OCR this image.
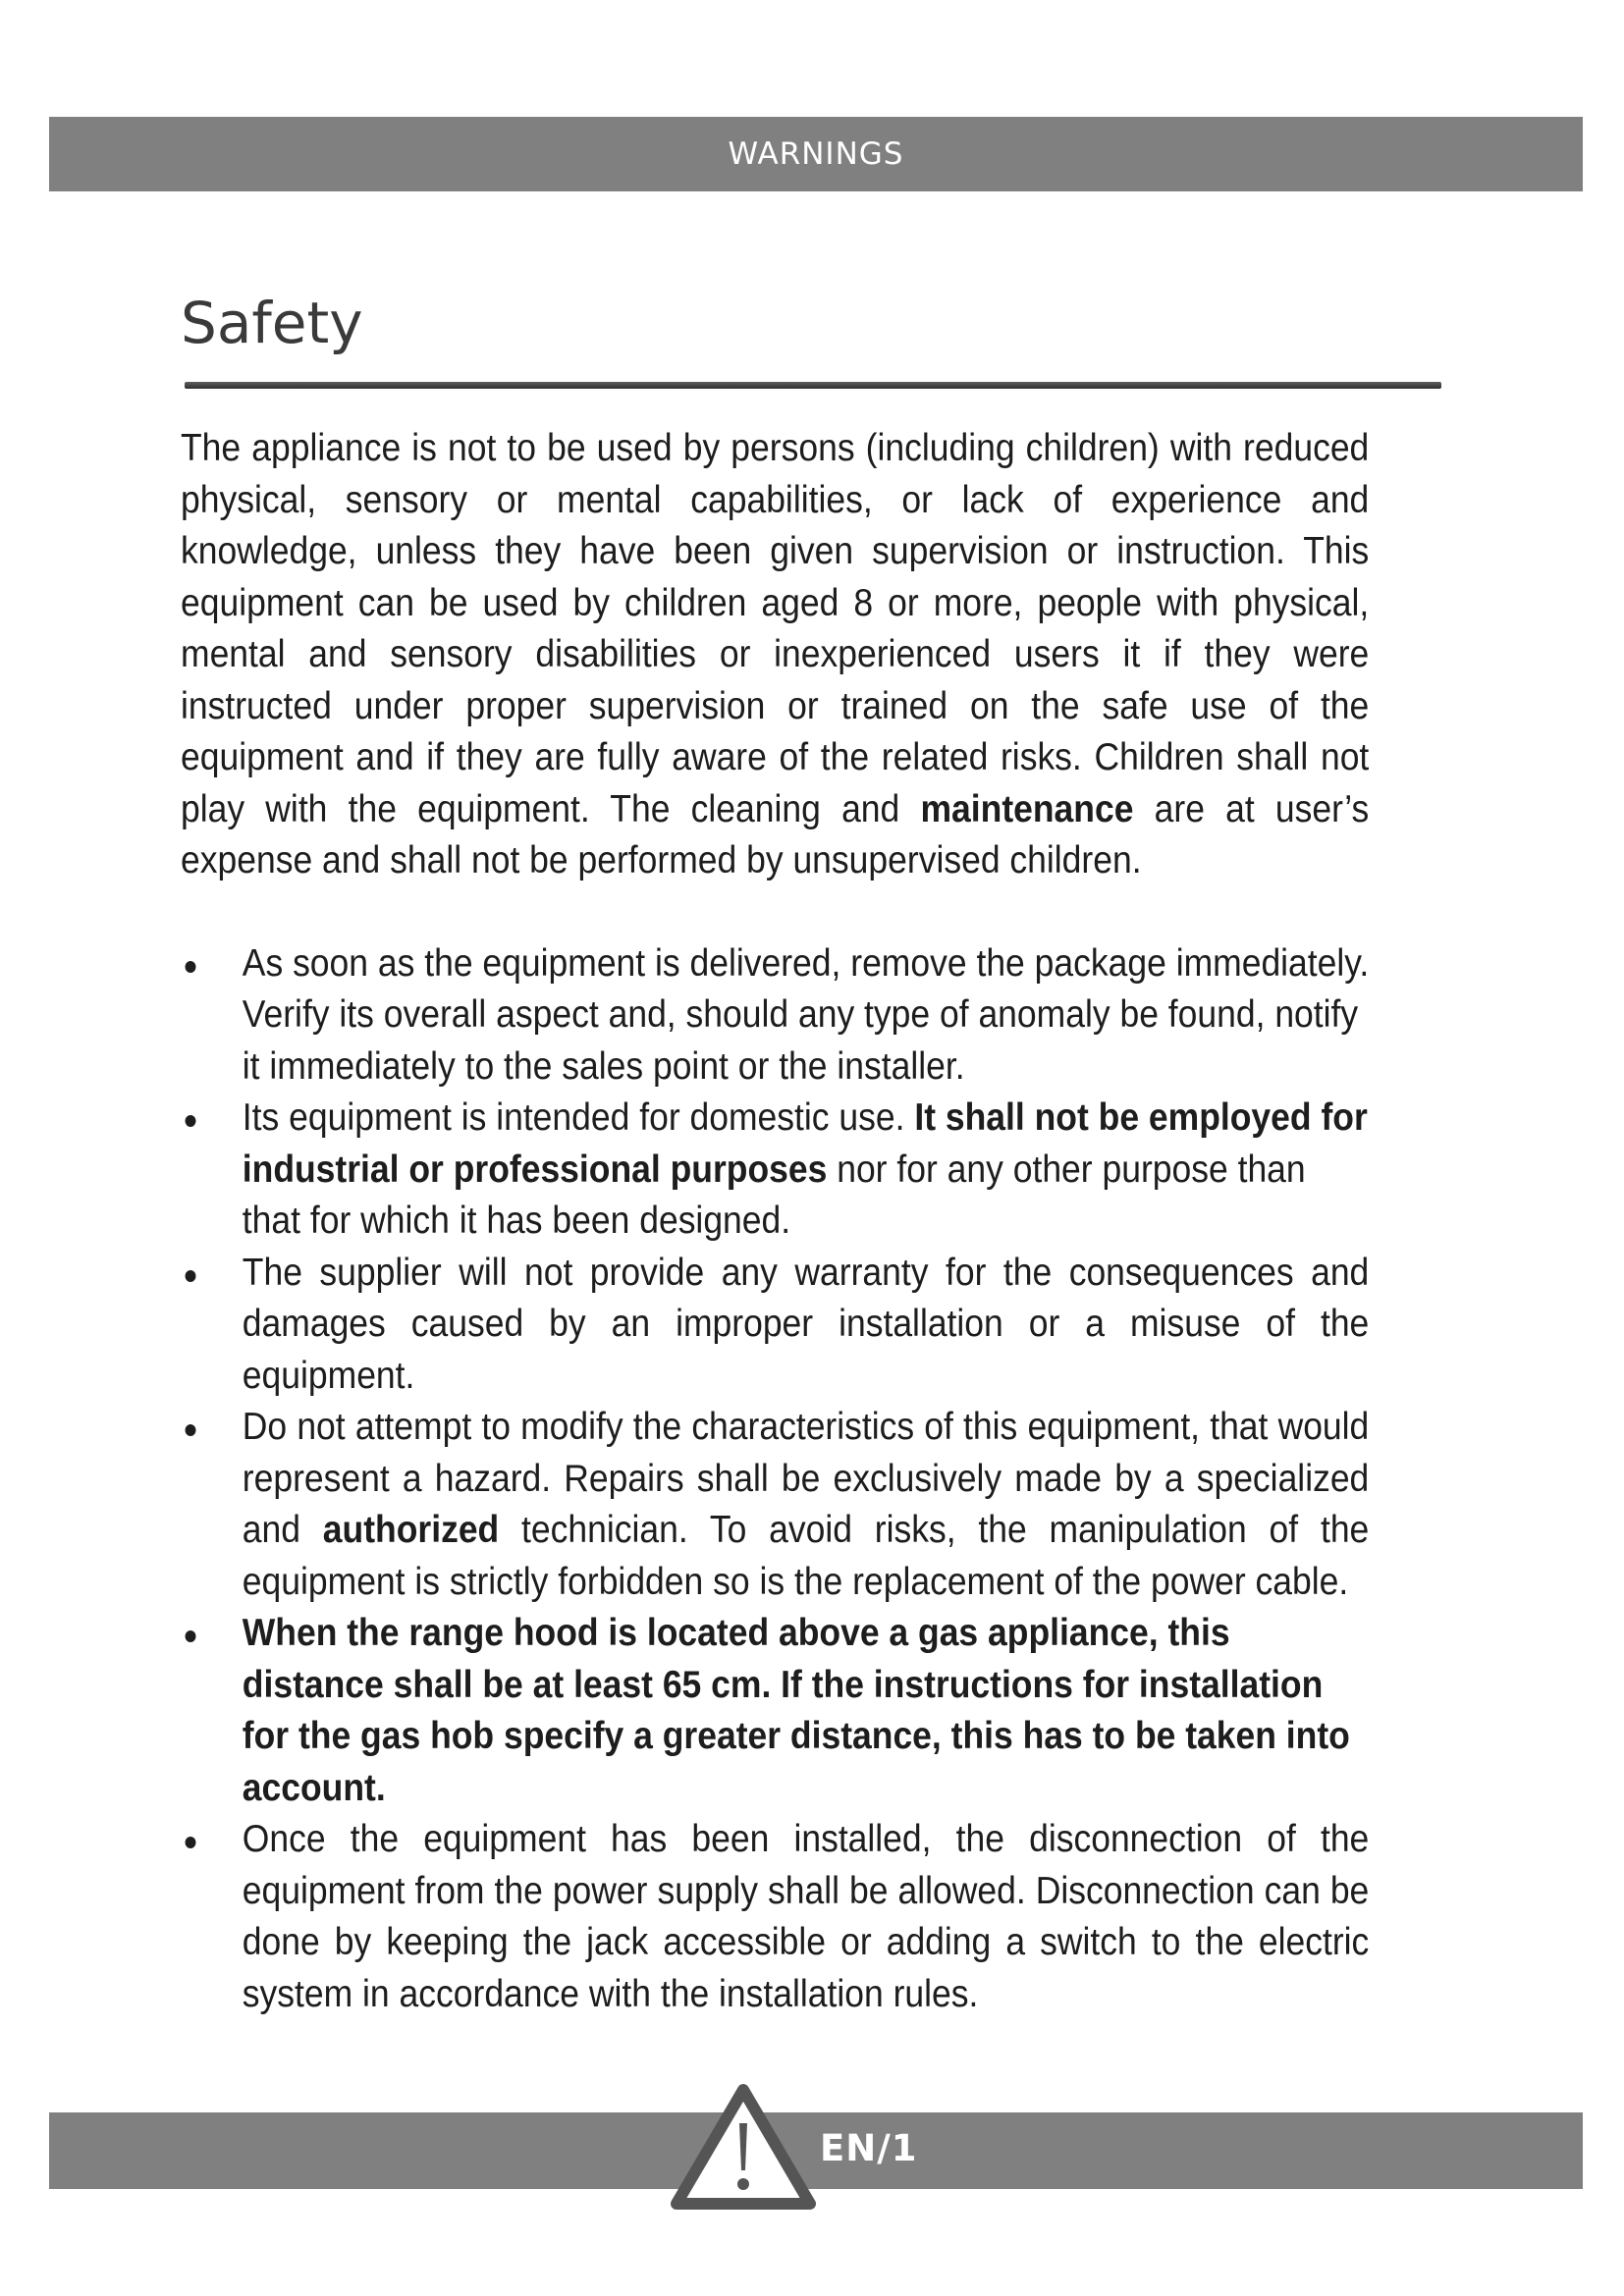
WARNINGS
Safety

The appliance is not to be used by persons (including children) with reduced physical, sensory or mental capabilities, or lack of experience and knowledge, unless they have been given supervision or instruction. This equipment can be used by children aged 8 or more, people with physical, mental and sensory disabilities or inexperienced users it if they were instructed under proper supervision or trained on the safe use of the equipment and if they are fully aware of the related risks. Children shall not play with the equipment. The cleaning and maintenance are at user’s expense and shall not be performed by unsupervised children.

As soon as the equipment is delivered, remove the package immediately. Verify its overall aspect and, should any type of anomaly be found, notify it immediately to the sales point or the installer.
Its equipment is intended for domestic use. It shall not be employed for industrial or professional purposes nor for any other purpose than that for which it has been designed.
The supplier will not provide any warranty for the consequences and damages caused by an improper installation or a misuse of the equipment.
Do not attempt to modify the characteristics of this equipment, that would represent a hazard. Repairs shall be exclusively made by a specialized and authorized technician. To avoid risks, the manipulation of the equipment is strictly forbidden so is the replacement of the power cable.
When the range hood is located above a gas appliance, this distance shall be at least 65 cm. If the instructions for installation for the gas hob specify a greater distance, this has to be taken into account.
Once the equipment has been installed, the disconnection of the equipment from the power supply shall be allowed. Disconnection can be done by keeping the jack accessible or adding a switch to the electric system in accordance with the installation rules.
EN/1
